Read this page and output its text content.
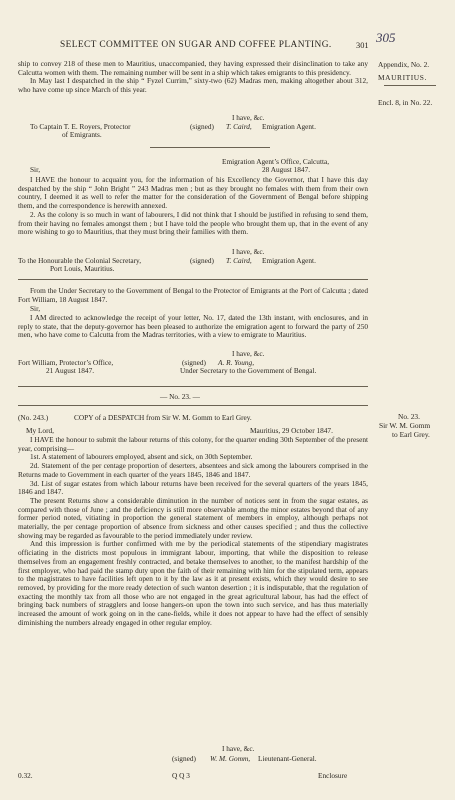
SELECT COMMITTEE ON SUGAR AND COFFEE PLANTING.	301
305
Appendix, No. 2.
MAURITIUS.
Encl. 8, in No. 22.
No. 23.
Sir W. M. Gomm
to Earl Grey.

ship to convey 218 of these men to Mauritius, unaccompanied, they having expressed their disinclination to take any Calcutta women with them. The remaining number will be sent in a ship which takes emigrants to this presidency.

In May last I despatched in the ship “ Fyzel Currim,” sixty-two (62) Madras men, making altogether about 312, who have come up since March of this year.

I have, &c.
To Captain T. E. Royers, Protector
of Emigrants.
(signed) T. Caird, Emigration Agent.
Emigration Agent’s Office, Calcutta,
Sir,	28 August 1847.

I HAVE the honour to acquaint you, for the information of his Excellency the Governor, that I have this day despatched by the ship “ John Bright ” 243 Madras men ; but as they brought no females with them from their own country, I deemed it as well to refer the matter for the consideration of the Government of Bengal before shipping them, and the correspondence is herewith annexed.

2. As the colony is so much in want of labourers, I did not think that I should be justified in refusing to send them, from their having no females amongst them ; but I have told the people who brought them up, that in the event of any more wishing to go to Mauritius, that they must bring their families with them.

I have, &c.
To the Honourable the Colonial Secretary,
Port Louis, Mauritius.
(signed) T. Caird, Emigration Agent.

From the Under Secretary to the Government of Bengal to the Protector of Emigrants at the Port of Calcutta ; dated Fort William, 18 August 1847.

Sir,

I AM directed to acknowledge the receipt of your letter, No. 17, dated the 13th instant, with enclosures, and in reply to state, that the deputy-governor has been pleased to authorize the emigration agent to forward the party of 250 men, who have come to Calcutta from the Madras territories, with a view to emigrate to Mauritius.

I have, &c.
Fort William, Protector’s Office,
21 August 1847.
(signed) A. R. Young,
Under Secretary to the Government of Bengal.
— No. 23. —
(No. 243.)	COPY of a DESPATCH from Sir W. M. Gomm to Earl Grey.
My Lord,	Mauritius, 29 October 1847.

I HAVE the honour to submit the labour returns of this colony, for the quarter ending 30th September of the present year, comprising—

1st. A statement of labourers employed, absent and sick, on 30th September.

2d. Statement of the per centage proportion of deserters, absentees and sick among the labourers comprised in the Returns made to Government in each quarter of the years 1845, 1846 and 1847.

3d. List of sugar estates from which labour returns have been received for the several quarters of the years 1845, 1846 and 1847.

The present Returns show a considerable diminution in the number of notices sent in from the sugar estates, as compared with those of June ; and the deficiency is still more observable among the minor estates beyond that of any former period noted, vitiating in proportion the general statement of members in employ, although perhaps not materially, the per centage proportion of absence from sickness and other causes specified ; and thus the collective showing may be regarded as favourable to the period immediately under review.

And this impression is further confirmed with me by the periodical statements of the stipendiary magistrates officiating in the districts most populous in immigrant labour, importing, that while the disposition to release themselves from an engagement freshly contracted, and betake themselves to another, to the manifest hardship of the first employer, who had paid the stamp duty upon the faith of their remaining with him for the stipulated term, appears to the magistrates to have facilities left open to it by the law as it at present exists, which they would desire to see removed, by providing for the more ready detection of such wanton desertion ; it is indisputable, that the regulation of exacting the monthly tax from all those who are not engaged in the great agricultural labour, has had the effect of bringing back numbers of stragglers and loose hangers-on upon the town into such service, and has thus materially increased the amount of work going on in the cane-fields, while it does not appear to have had the effect of sensibly diminishing the numbers already engaged in other regular employ.

I have, &c.
(signed) W. M. Gomm, Lieutenant-General.
0.32.	Q Q 3	Enclosure
